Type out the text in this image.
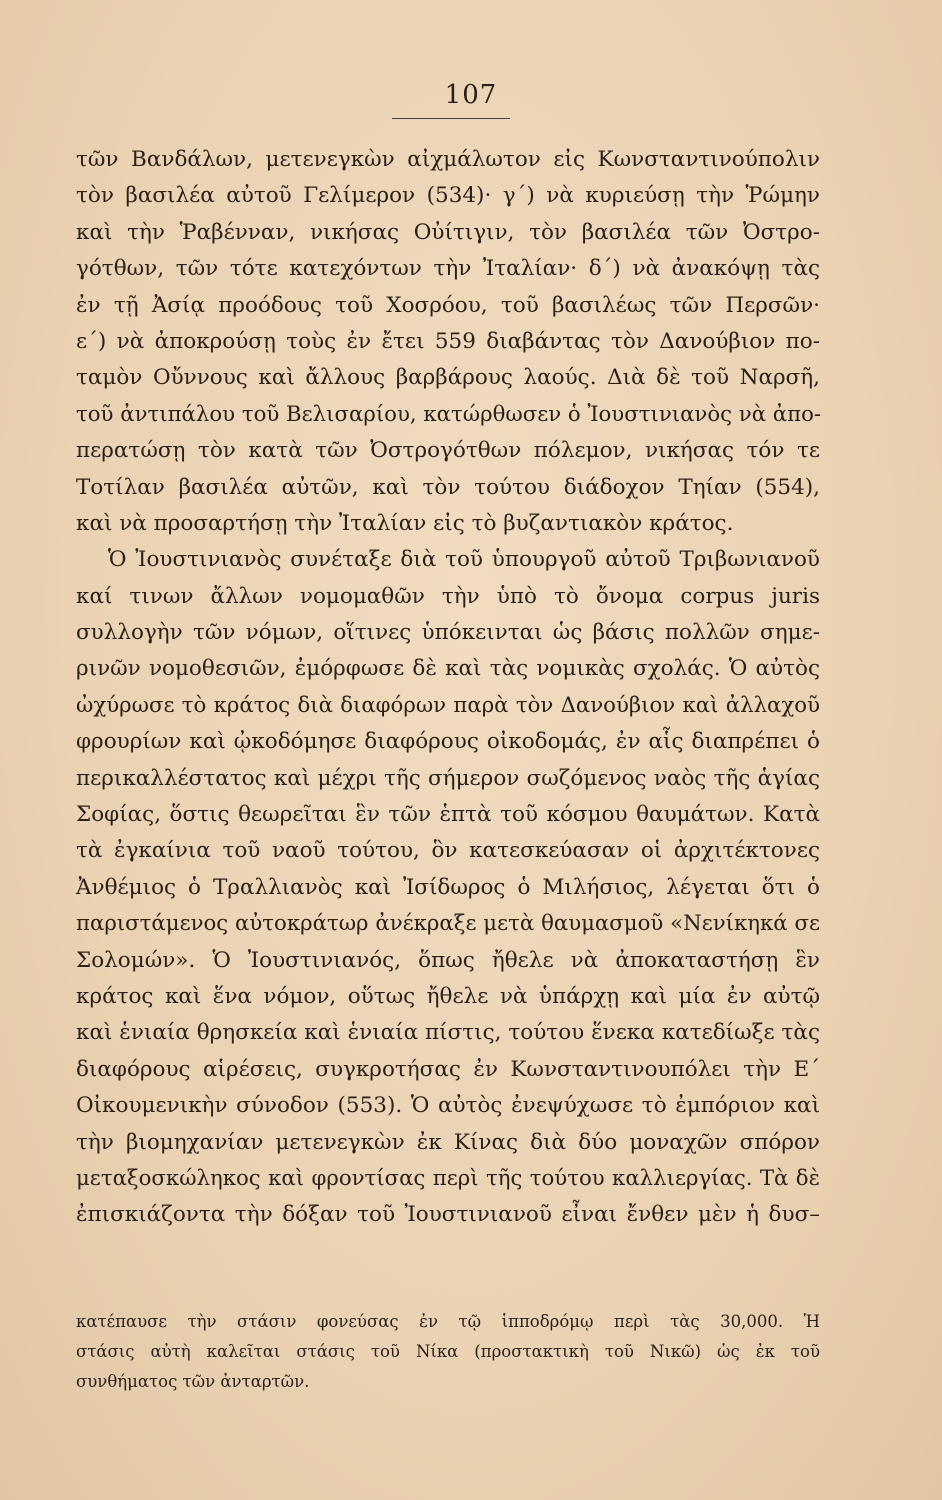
107
τῶν Βανδάλων, μετενεγκὼν αἰχμάλωτον εἰς Κωνσταντινούπολιν
τὸν βασιλέα αὐτοῦ Γελίμερον (534)· γ΄) νὰ κυριεύσῃ τὴν Ῥώμην
καὶ τὴν Ῥαβένναν, νικήσας Οὐίτιγιν, τὸν βασιλέα τῶν Ὀστρο-
γότθων, τῶν τότε κατεχόντων τὴν Ἰταλίαν· δ΄) νὰ ἀνακόψῃ τὰς
ἐν τῇ Ἀσίᾳ προόδους τοῦ Χοσρόου, τοῦ βασιλέως τῶν Περσῶν·
ε΄) νὰ ἀποκρούσῃ τοὺς ἐν ἔτει 559 διαβάντας τὸν Δανούβιον πο-
ταμὸν Οὔννους καὶ ἄλλους βαρβάρους λαούς. Διὰ δὲ τοῦ Ναρσῆ,
τοῦ ἀντιπάλου τοῦ Βελισαρίου, κατώρθωσεν ὁ Ἰουστινιανὸς νὰ ἀπο-
περατώσῃ τὸν κατὰ τῶν Ὀστρογότθων πόλεμον, νικήσας τόν τε
Τοτίλαν βασιλέα αὐτῶν, καὶ τὸν τούτου διάδοχον Τηίαν (554),
καὶ νὰ προσαρτήσῃ τὴν Ἰταλίαν εἰς τὸ βυζαντιακὸν κράτος.
Ὁ Ἰουστινιανὸς συνέταξε διὰ τοῦ ὑπουργοῦ αὐτοῦ Τριβωνιανοῦ
καί τινων ἄλλων νομομαθῶν τὴν ὑπὸ τὸ ὄνομα corpus juris
συλλογὴν τῶν νόμων, οἵτινες ὑπόκεινται ὡς βάσις πολλῶν σημε-
ρινῶν νομοθεσιῶν, ἐμόρφωσε δὲ καὶ τὰς νομικὰς σχολάς. Ὁ αὐτὸς
ὠχύρωσε τὸ κράτος διὰ διαφόρων παρὰ τὸν Δανούβιον καὶ ἀλλαχοῦ
φρουρίων καὶ ᾠκοδόμησε διαφόρους οἰκοδομάς, ἐν αἷς διαπρέπει ὁ
περικαλλέστατος καὶ μέχρι τῆς σήμερον σωζόμενος ναὸς τῆς ἁγίας
Σοφίας, ὅστις θεωρεῖται ἓν τῶν ἑπτὰ τοῦ κόσμου θαυμάτων. Κατὰ
τὰ ἐγκαίνια τοῦ ναοῦ τούτου, ὃν κατεσκεύασαν οἱ ἀρχιτέκτονες
Ἀνθέμιος ὁ Τραλλιανὸς καὶ Ἰσίδωρος ὁ Μιλήσιος, λέγεται ὅτι ὁ
παριστάμενος αὐτοκράτωρ ἀνέκραξε μετὰ θαυμασμοῦ «Νενίκηκά σε
Σολομών». Ὁ Ἰουστινιανός, ὅπως ἤθελε νὰ ἀποκαταστήσῃ ἓν
κράτος καὶ ἕνα νόμον, οὕτως ἤθελε νὰ ὑπάρχῃ καὶ μία ἐν αὐτῷ
καὶ ἑνιαία θρησκεία καὶ ἑνιαία πίστις, τούτου ἕνεκα κατεδίωξε τὰς
διαφόρους αἱρέσεις, συγκροτήσας ἐν Κωνσταντινουπόλει τὴν Ε΄
Οἰκουμενικὴν σύνοδον (553). Ὁ αὐτὸς ἐνεψύχωσε τὸ ἐμπόριον καὶ
τὴν βιομηχανίαν μετενεγκὼν ἐκ Κίνας διὰ δύο μοναχῶν σπόρον
μεταξοσκώληκος καὶ φροντίσας περὶ τῆς τούτου καλλιεργίας. Τὰ δὲ
ἐπισκιάζοντα τὴν δόξαν τοῦ Ἰουστινιανοῦ εἶναι ἔνθεν μὲν ἡ δυσ–
κατέπαυσε τὴν στάσιν φονεύσας ἐν τῷ ἱπποδρόμῳ περὶ τὰς 30,000. Ἡ
στάσις αὐτὴ καλεῖται στάσις τοῦ Νίκα (προστακτικὴ τοῦ Νικῶ) ὡς ἐκ τοῦ
συνθήματος τῶν ἀνταρτῶν.
